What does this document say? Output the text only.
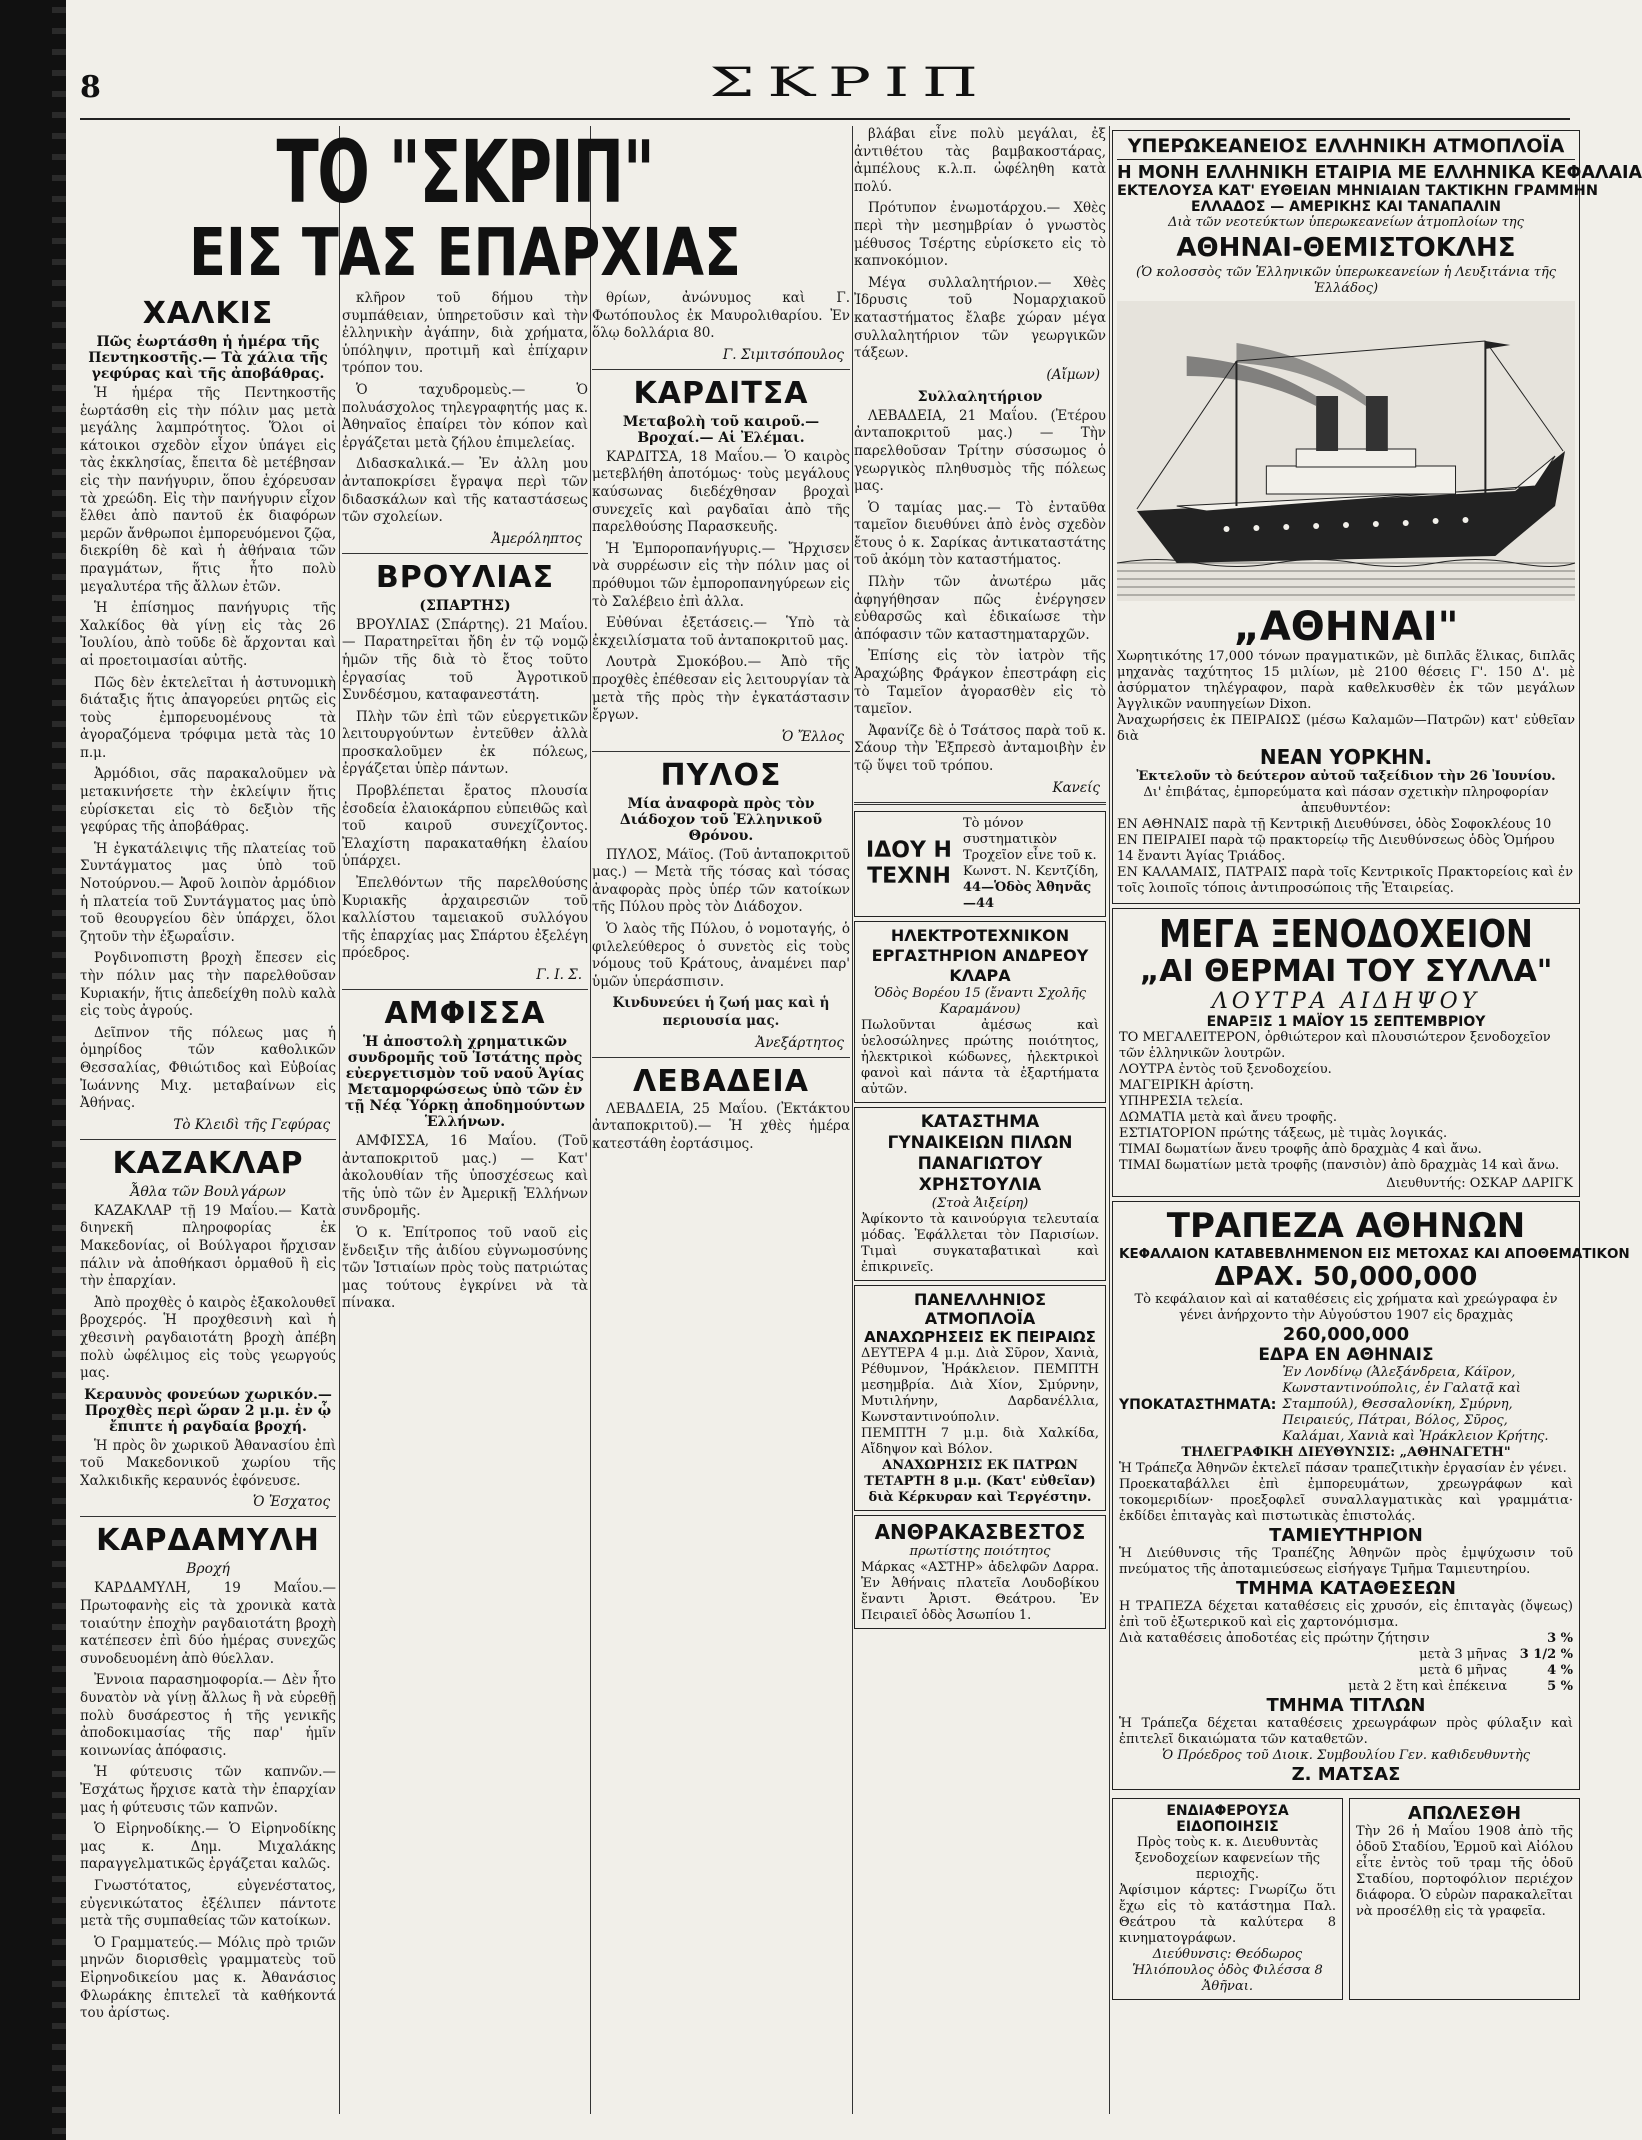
8	ΣΚΡΙΠ
ΤΟ "ΣΚΡΙΠ"
ΕΙΣ ΤΑΣ ΕΠΑΡΧΙΑΣ
ΧΑΛΚΙΣ
Πῶς ἑωρτάσθη ἡ ἡμέρα τῆς Πεντηκοστῆς.— Τὰ χάλια τῆς γεφύρας καὶ τῆς ἀποβάθρας.
Ἡ ἡμέρα τῆς Πεντηκοστῆς ἑωρτάσθη εἰς τὴν πόλιν μας μετὰ μεγάλης λαμπρότητος. Ὅλοι οἱ κάτοικοι σχεδὸν εἶχον ὑπάγει εἰς τὰς ἐκκλησίας, ἔπειτα δὲ μετέβησαν εἰς τὴν πανήγυριν, ὅπου ἐχόρευσαν τὰ χρεώδη. Εἰς τὴν πανήγυριν εἶχον ἔλθει ἀπὸ παντοῦ ἐκ διαφόρων μερῶν ἄνθρωποι ἐμπορευόμενοι ζῷα, διεκρίθη δὲ καὶ ἡ ἀθήναια τῶν πραγμάτων, ἥτις ἦτο πολὺ μεγαλυτέρα τῆς ἄλλων ἐτῶν.
Ἡ ἐπίσημος πανήγυρις τῆς Χαλκίδος θὰ γίνῃ εἰς τὰς 26 Ἰουλίου, ἀπὸ τοῦδε δὲ ἄρχονται καὶ αἱ προετοιμασίαι αὐτῆς.
Πῶς δὲν ἐκτελεῖται ἡ ἀστυνομικὴ διάταξις ἥτις ἀπαγορεύει ρητῶς εἰς τοὺς ἐμπορευομένους τὰ ἀγοραζόμενα τρόφιμα μετὰ τὰς 10 π.μ.
Ἀρμόδιοι, σᾶς παρακαλοῦμεν νὰ μετακινήσετε τὴν ἐκλείψιν ἥτις εὑρίσκεται εἰς τὸ δεξιὸν τῆς γεφύρας τῆς ἀποβάθρας.
Ἡ ἐγκατάλειψις τῆς πλατείας τοῦ Συντάγματος μας ὑπὸ τοῦ Νοτούρνου.— Ἀφοῦ λοιπὸν ἀρμόδιον ἡ πλατεία τοῦ Συντάγματος μας ὑπὸ τοῦ θεουργείου δὲν ὑπάρχει, ὅλοι ζητοῦν τὴν ἐξωραΐσιν.
Ρογδινοπιστη βροχὴ ἔπεσεν εἰς τὴν πόλιν μας τὴν παρελθοῦσαν Κυριακήν, ἥτις ἀπεδείχθη πολὺ καλὰ εἰς τοὺς ἀγρούς.
Δεῖπνον τῆς πόλεως μας ἡ ὁμηρίδος τῶν καθολικῶν Θεσσαλίας, Φθιώτιδος καὶ Εὐβοίας Ἰωάννης Μιχ. μεταβαίνων εἰς Ἀθήνας.
Τὸ Κλειδὶ τῆς Γεφύρας
ΚΑΖΑΚΛΑΡ
Ἆθλα τῶν Βουλγάρων
ΚΑΖΑΚΛΑΡ τῇ 19 Μαΐου.— Κατὰ διηνεκῆ πληροφορίας ἐκ Μακεδονίας, οἱ Βούλγαροι ἤρχισαν πάλιν νὰ ἀποθήκασι ὁρμαθοῦ ἢ εἰς τὴν ἐπαρχίαν.
Ἀπὸ προχθὲς ὁ καιρὸς ἐξακολουθεῖ βροχερός. Ἡ προχθεσινὴ καὶ ἡ χθεσινὴ ραγδαιοτάτη βροχὴ ἀπέβη πολὺ ὠφέλιμος εἰς τοὺς γεωργούς μας.
Κεραυνὸς φονεύων χωρικόν.— Προχθὲς περὶ ὥραν 2 μ.μ. ἐν ᾧ ἔπιπτε ἡ ραγδαία βροχή.
Ἡ πρὸς ὃν χωρικοῦ Ἀθανασίου ἐπὶ τοῦ Μακεδονικοῦ χωρίου τῆς Χαλκιδικῆς κεραυνός ἐφόνευσε.
Ὁ Ἐσχατος
ΚΑΡΔΑΜΥΛΗ
Βροχή
ΚΑΡΔΑΜΥΛΗ, 19 Μαΐου.— Πρωτοφανὴς εἰς τὰ χρονικὰ κατὰ τοιαύτην ἐποχὴν ραγδαιοτάτη βροχὴ κατέπεσεν ἐπὶ δύο ἡμέρας συνεχῶς συνοδευομένη ἀπὸ θύελλαν.
Ἐννοια παρασημοφορία.— Δὲν ἦτο δυνατὸν νὰ γίνῃ ἄλλως ἢ νὰ εὑρεθῇ πολὺ δυσάρεστος ἡ τῆς γενικῆς ἀποδοκιμασίας τῆς παρ' ἡμῖν κοινωνίας ἀπόφασις.
Ἡ φύτευσις τῶν καπνῶν.— Ἐσχάτως ἤρχισε κατὰ τὴν ἐπαρχίαν μας ἡ φύτευσις τῶν καπνῶν.
Ὁ Εἰρηνοδίκης.— Ὁ Εἰρηνοδίκης μας κ. Δημ. Μιχαλάκης παραγγελματικῶς ἐργάζεται καλῶς.
Γνωστότατος, εὐγενέστατος, εὐγενικώτατος ἐξέλιπεν πάντοτε μετὰ τῆς συμπαθείας τῶν κατοίκων.
Ὁ Γραμματεύς.— Μόλις πρὸ τριῶν μηνῶν διορισθεὶς γραμματεὺς τοῦ Εἰρηνοδικείου μας κ. Ἀθανάσιος Φλωράκης ἐπιτελεῖ τὰ καθήκοντά του ἀρίστως.
κλῆρον τοῦ δήμου τὴν συμπάθειαν, ὑπηρετοῦσιν καὶ τὴν ἐλληνικὴν ἀγάπην, διὰ χρήματα, ὑπόληψιν, προτιμῆ καὶ ἐπίχαριν τρόπον του.
Ὁ ταχυδρομεὺς.— Ὁ πολυάσχολος τηλεγραφητής μας κ. Ἀθηναῖος ἐπαίρει τὸν κόπον καὶ ἐργάζεται μετὰ ζήλου ἐπιμελείας.
Διδασκαλικά.— Ἐν ἀλλη μου ἀνταποκρίσει ἔγραψα περὶ τῶν διδασκάλων καὶ τῆς καταστάσεως τῶν σχολείων.
Ἀμερόληπτος
ΒΡΟΥΛΙΑΣ
(ΣΠΑΡΤΗΣ)
ΒΡΟΥΛΙΑΣ (Σπάρτης). 21 Μαΐου.— Παρατηρεῖται ἤδη ἐν τῷ νομῷ ἡμῶν τῆς διὰ τὸ ἔτος τοῦτο ἐργασίας τοῦ Ἀγροτικοῦ Συνδέσμου, καταφανεστάτη.
Πλὴν τῶν ἐπὶ τῶν εὐεργετικῶν λειτουργούντων ἐντεῦθεν ἀλλὰ προσκαλοῦμεν ἐκ πόλεως, ἐργάζεται ὑπὲρ πάντων.
Προβλέπεται ἔρατος πλουσία ἐσοδεία ἐλαιοκάρπου εὐπειθῶς καὶ τοῦ καιροῦ συνεχίζοντος. Ἐλαχίστη παρακαταθήκη ἐλαίου ὑπάρχει.
Ἐπελθόντων τῆς παρελθούσης Κυριακῆς ἀρχαιρεσιῶν τοῦ καλλίστου ταμειακοῦ συλλόγου τῆς ἐπαρχίας μας Σπάρτου ἐξελέγη πρόεδρος.
Γ. Ι. Σ.
ΑΜΦΙΣΣΑ
Ἡ ἀποστολὴ χρηματικῶν συνδρομῆς τοῦ Ἱστάτης πρὸς εὐεργετισμὸν τοῦ ναοῦ Ἁγίας Μεταμορφώσεως ὑπὸ τῶν ἐν τῇ Νέᾳ Ὑόρκῃ ἀποδημούντων Ἑλλήνων.
ΑΜΦΙΣΣΑ, 16 Μαΐου. (Τοῦ ἀνταποκριτοῦ μας.) — Κατ' ἀκολουθίαν τῆς ὑποσχέσεως καὶ τῆς ὑπὸ τῶν ἐν Ἀμερικῇ Ἑλλήνων συνδρομῆς.
Ὁ κ. Ἐπίτροπος τοῦ ναοῦ εἰς ἔνδειξιν τῆς ἀιδίου εὐγνωμοσύνης τῶν Ἱστιαίων πρὸς τοὺς πατριώτας μας τούτους ἐγκρίνει νὰ τὰ πίνακα.
θρίων, ἀνώνυμος καὶ Γ. Φωτόπουλος ἐκ Μαυρολιθαρίου. Ἐν ὅλῳ δολλάρια 80.
Γ. Σιμιτσόπουλος
ΚΑΡΔΙΤΣΑ
Μεταβολὴ τοῦ καιροῦ.— Βροχαί.— Αἱ Ἐλέμαι.
ΚΑΡΔΙΤΣΑ, 18 Μαΐου.— Ὁ καιρὸς μετεβλήθη ἀποτόμως· τοὺς μεγάλους καύσωνας διεδέχθησαν βροχαὶ συνεχεῖς καὶ ραγδαῖαι ἀπὸ τῆς παρελθούσης Παρασκευῆς.
Ἡ Ἐμποροπανήγυρις.— Ἤρχισεν νὰ συρρέωσιν εἰς τὴν πόλιν μας οἱ πρόθυμοι τῶν ἐμποροπανηγύρεων εἰς τὸ Σαλέβειο ἐπὶ ἀλλα.
Εὐθύναι ἐξετάσεις.— Ὑπὸ τὰ ἐκχειλίσματα τοῦ ἀνταποκριτοῦ μας.
Λουτρὰ Σμοκόβου.— Ἀπὸ τῆς προχθὲς ἐπέθεσαν εἰς λειτουργίαν τὰ μετὰ τῆς πρὸς τὴν ἐγκατάστασιν ἔργων.
Ὁ Ἔλλος
ΠΥΛΟΣ
Μία ἀναφορὰ πρὸς τὸν Διάδοχον τοῦ Ἑλληνικοῦ Θρόνου.
ΠΥΛΟΣ, Μάϊος. (Τοῦ ἀνταποκριτοῦ μας.) — Μετὰ τῆς τόσας καὶ τόσας ἀναφορὰς πρὸς ὑπέρ τῶν κατοίκων τῆς Πύλου πρὸς τὸν Διάδοχον.
Ὁ λαὸς τῆς Πύλου, ὁ νομοταγής, ὁ φιλελεύθερος ὁ συνετὸς εἰς τοὺς νόμους τοῦ Κράτους, ἀναμένει παρ' ὑμῶν ὑπεράσπισιν.
Κινδυνεύει ἡ ζωή μας καὶ ἡ περιουσία μας.
Ἀνεξάρτητος
ΛΕΒΑΔΕΙΑ
ΛΕΒΑΔΕΙΑ, 25 Μαΐου. (Ἐκτάκτου ἀνταποκριτοῦ).— Ἡ χθὲς ἡμέρα κατεστάθη ἐορτάσιμος.
βλάβαι εἶνε πολὺ μεγάλαι, ἐξ ἀντιθέτου τὰς βαμβακοστάρας, ἀμπέλους κ.λ.π. ὠφέληθη κατὰ πολύ.
Πρότυπον ἐνωμοτάρχου.— Χθὲς περὶ τὴν μεσημβρίαν ὁ γνωστὸς μέθυσος Τσέρτης εὑρίσκετο εἰς τὸ καπνοκόμιον.
Μέγα συλλαλητήριον.— Χθὲς Ἰδρυσις τοῦ Νομαρχιακοῦ καταστήματος ἔλαβε χώραν μέγα συλλαλητήριον τῶν γεωργικῶν τάξεων.
(Αἴμων)
Συλλαλητήριον
ΛΕΒΑΔΕΙΑ, 21 Μαΐου. (Ἐτέρου ἀνταποκριτοῦ μας.) — Τὴν παρελθοῦσαν Τρίτην σύσσωμος ὁ γεωργικὸς πληθυσμὸς τῆς πόλεως μας.
Ὁ ταμίας μας.— Τὸ ἐνταῦθα ταμεῖον διευθύνει ἀπὸ ἑνὸς σχεδὸν ἔτους ὁ κ. Σαρίκας ἀντικαταστάτης τοῦ ἀκόμη τὸν καταστήματος.
Πλὴν τῶν ἀνωτέρω μᾶς ἀφηγήθησαν πῶς ἐνέργησεν εὐθαρσῶς καὶ ἐδικαίωσε τὴν ἀπόφασιν τῶν καταστηματαρχῶν.
Ἐπίσης εἰς τὸν ἰατρὸν τῆς Ἀραχώβης Φράγκον ἐπεστράφη εἰς τὸ Ταμεῖον ἀγορασθὲν εἰς τὸ ταμεῖον.
Ἀφανίζε δὲ ὁ Τσάτσος παρὰ τοῦ κ. Σάουρ τὴν Ἐξπρεσὸ ἀνταμοιβὴν ἐν τῷ ὕψει τοῦ τρόπου.
Κανείς
ΙΔΟΥ Η ΤΕΧΝΗ
Τὸ μόνον συστηματικὸν Τροχεῖον εἶνε τοῦ κ. Κωνστ. Ν. Κεντζίδη,
44—Ὁδὸς Ἀθηνᾶς—44
ΗΛΕΚΤΡΟΤΕΧΝΙΚΟΝ ΕΡΓΑΣΤΗΡΙΟΝ ΑΝΔΡΕΟΥ ΚΛΑΡΑ
Ὁδὸς Βορέου 15 (ἔναντι Σχολῆς Καραμάνου)
Πωλοῦνται ἀμέσως καὶ ὑελοσώληνες πρώτης ποιότητος, ἠλεκτρικοὶ κώδωνες, ἠλεκτρικοὶ φανοὶ καὶ πάντα τὰ ἐξαρτήματα αὐτῶν.
ΚΑΤΑΣΤΗΜΑ ΓΥΝΑΙΚΕΙΩΝ ΠΙΛΩΝ ΠΑΝΑΓΙΩΤΟΥ ΧΡΗΣΤΟΥΛΙΑ
(Στοὰ Ἀιξείρη)
Ἀφίκοντο τὰ καινούργια τελευταία μόδας. Ἐφάλλεται τὸν Παρισίων. Τιμαὶ συγκαταβατικαὶ καὶ ἐπικρινεῖς.
ΠΑΝΕΛΛΗΝΙΟΣ ΑΤΜΟΠΛΟΪΑ
ΑΝΑΧΩΡΗΣΕΙΣ ΕΚ ΠΕΙΡΑΙΩΣ
ΔΕΥΤΕΡΑ 4 μ.μ. Διὰ Σῦρον, Χανιὰ, Ρέθυμνον, Ἡράκλειον. ΠΕΜΠΤΗ μεσημβρία. Διὰ Χίον, Σμύρνην, Μυτιλήνην, Δαρδανέλλια, Κωνσταντινούπολιν.
ΠΕΜΠΤΗ 7 μ.μ. διὰ Χαλκίδα, Αἴδηψον καὶ Βόλον.
ΑΝΑΧΩΡΗΣΙΣ ΕΚ ΠΑΤΡΩΝ ΤΕΤΑΡΤΗ 8 μ.μ. (Κατ' εὐθεῖαν) διὰ Κέρκυραν καὶ Τεργέστην.
ΑΝΘΡΑΚΑΣΒΕΣΤΟΣ
πρωτίστης ποιότητος
Μάρκας «ΑΣΤΗΡ» ἀδελφῶν Δαρρα. Ἐν Ἀθήναις πλατεῖα Λουδοβίκου ἔναντι Ἀριστ. Θεάτρου. Ἐν Πειραιεῖ ὁδὸς Ἀσωπίου 1.
ΥΠΕΡΩΚΕΑΝΕΙΟΣ ΕΛΛΗΝΙΚΗ ΑΤΜΟΠΛΟΪΑ
Η ΜΟΝΗ ΕΛΛΗΝΙΚΗ ΕΤΑΙΡΙΑ ΜΕ ΕΛΛΗΝΙΚΑ ΚΕΦΑΛΑΙΑ
ΕΚΤΕΛΟΥΣΑ ΚΑΤ' ΕΥΘΕΙΑΝ ΜΗΝΙΑΙΑΝ ΤΑΚΤΙΚΗΝ ΓΡΑΜΜΗΝ
ΕΛΛΑΔΟΣ — ΑΜΕΡΙΚΗΣ ΚΑΙ ΤΑΝΑΠΑΛΙΝ
Διὰ τῶν νεοτεύκτων ὑπερωκεανείων ἀτμοπλοίων της
ΑΘΗΝΑΙ-ΘΕΜΙΣΤΟΚΛΗΣ
(Ὁ κολοσσὸς τῶν Ἑλληνικῶν ὑπερωκεανείων ἡ Λευξιτάνια τῆς Ἑλλάδος)
„ΑΘΗΝΑΙ"
Χωρητικότης 17,000 τόνων πραγματικῶν, μὲ διπλᾶς ἕλικας, διπλᾶς μηχανὰς ταχύτητος 15 μιλίων, μὲ 2100 θέσεις Γ'. 150 Δ'. μὲ ἀσύρματον τηλέγραφον, παρὰ καθελκυσθὲν ἐκ τῶν μεγάλων Ἀγγλικῶν ναυπηγείων Dixon.
Ἀναχωρήσεις ἐκ ΠΕΙΡΑΙΩΣ (μέσω Καλαμῶν—Πατρῶν) κατ' εὐθεῖαν διὰ
ΝΕΑΝ ΥΟΡΚΗΝ.
Ἐκτελοῦν τὸ δεύτερον αὐτοῦ ταξείδιον τὴν 26 Ἰουνίου.
Δι' ἐπιβάτας, ἐμπορεύματα καὶ πάσαν σχετικὴν πληροφορίαν ἀπευθυντέον:
ΕΝ ΑΘΗΝΑΙΣ παρὰ τῇ Κεντρικῇ Διευθύνσει, ὁδὸς Σοφοκλέους 10
ΕΝ ΠΕΙΡΑΙΕΙ παρὰ τῷ πρακτορείῳ τῆς Διευθύνσεως ὁδὸς Ὁμήρου 14 ἔναντι Ἁγίας Τριάδος.
ΕΝ ΚΑΛΑΜΑΙΣ, ΠΑΤΡΑΙΣ παρὰ τοῖς Κεντρικοῖς Πρακτορείοις καὶ ἐν τοῖς λοιποῖς τόποις ἀντιπροσώποις τῆς Ἑταιρείας.
ΜΕΓΑ ΞΕΝΟΔΟΧΕΙΟΝ
„ΑΙ ΘΕΡΜΑΙ ΤΟΥ ΣΥΛΛΑ"
ΛΟΥΤΡΑ ΑΙΔΗΨΟΥ
ΕΝΑΡΞΙΣ 1 ΜΑΪΟΥ 15 ΣΕΠΤΕΜΒΡΙΟΥ
ΤΟ ΜΕΓΑΛΕΙΤΕΡΟΝ, ὀρθιώτερον καὶ πλουσιώτερον ξενοδοχεῖον τῶν ἑλληνικῶν λουτρῶν.
ΛΟΥΤΡΑ ἐντὸς τοῦ ξενοδοχείου.
ΜΑΓΕΙΡΙΚΗ ἀρίστη.
ΥΠΗΡΕΣΙΑ τελεία.
ΔΩΜΑΤΙΑ μετὰ καὶ ἄνευ τροφῆς.
ΕΣΤΙΑΤΟΡΙΟΝ πρώτης τάξεως, μὲ τιμὰς λογικάς.
ΤΙΜΑΙ δωματίων ἄνευ τροφῆς ἀπὸ δραχμὰς 4 καὶ ἄνω.
ΤΙΜΑΙ δωματίων μετὰ τροφῆς (πανσιὸν) ἀπὸ δραχμὰς 14 καὶ ἄνω.
Διευθυντής: ΟΣΚΑΡ ΔΑΡΙΓΚ
ΤΡΑΠΕΖΑ ΑΘΗΝΩΝ
ΚΕΦΑΛΑΙΟΝ ΚΑΤΑΒΕΒΛΗΜΕΝΟΝ ΕΙΣ ΜΕΤΟΧΑΣ ΚΑΙ ΑΠΟΘΕΜΑΤΙΚΟΝ
ΔΡΑΧ. 50,000,000
Τὸ κεφάλαιον καὶ αἱ καταθέσεις εἰς χρήματα καὶ χρεώγραφα ἐν γένει ἀνήρχοντο τὴν Αὐγούστου 1907 εἰς δραχμὰς
260,000,000
ΕΔΡΑ ΕΝ ΑΘΗΝΑΙΣ
ΥΠΟΚΑΤΑΣΤΗΜΑΤΑ:
Ἐν Λονδίνῳ (Ἀλεξάνδρεια, Κάϊρον, Κωνσταντινούπολις, ἐν Γαλατᾷ καὶ Σταμπούλ), Θεσσαλονίκη, Σμύρνη, Πειραιεύς, Πάτραι, Βόλος, Σῦρος, Καλάμαι, Χανιὰ καὶ Ἡράκλειον Κρήτης.
ΤΗΛΕΓΡΑΦΙΚΗ ΔΙΕΥΘΥΝΣΙΣ: „ΑΘΗΝΑΓΕΤΗ"
Ἡ Τράπεζα Ἀθηνῶν ἐκτελεῖ πάσαν τραπεζιτικὴν ἐργασίαν ἐν γένει.
Προεκαταβάλλει ἐπὶ ἐμπορευμάτων, χρεωγράφων καὶ τοκομεριδίων· προεξοφλεῖ συναλλαγματικὰς καὶ γραμμάτια· ἐκδίδει ἐπιταγὰς καὶ πιστωτικὰς ἐπιστολάς.
ΤΑΜΙΕΥΤΗΡΙΟΝ
Ἡ Διεύθυνσις τῆς Τραπέζης Ἀθηνῶν πρὸς ἐμψύχωσιν τοῦ πνεύματος τῆς ἀποταμιεύσεως εἰσήγαγε Τμῆμα Ταμιευτηρίου.
ΤΜΗΜΑ ΚΑΤΑΘΕΣΕΩΝ
Η ΤΡΑΠΕΖΑ δέχεται καταθέσεις εἰς χρυσόν, εἰς ἐπιταγὰς (ὄψεως) ἐπὶ τοῦ ἐξωτερικοῦ καὶ εἰς χαρτονόμισμα.
Διὰ καταθέσεις ἀποδοτέας εἰς πρώτην ζήτησιν	3 %
μετὰ 3 μῆνας 3 1/2 %
μετὰ 6 μῆνας	4 %
μετὰ 2 ἔτη καὶ ἐπέκεινα	5 %
ΤΜΗΜΑ ΤΙΤΛΩΝ
Ἡ Τράπεζα δέχεται καταθέσεις χρεωγράφων πρὸς φύλαξιν καὶ ἐπιτελεῖ δικαιώματα τῶν καταθετῶν.
Ὁ Πρόεδρος τοῦ Διοικ. Συμβουλίου Γεν. καθιδευθυντὴς
Ζ. ΜΑΤΣΑΣ
ΕΝΔΙΑΦΕΡΟΥΣΑ ΕΙΔΟΠΟΙΗΣΙΣ
Πρὸς τοὺς κ. κ. Διευθυντὰς ξενοδοχείων καφενείων τῆς περιοχῆς.
Ἀφίσιμον κάρτες: Γνωρίζω ὅτι ἔχω εἰς τὸ κατάστημα Παλ. Θεάτρου τὰ καλύτερα 8 κινηματογράφων.
Διεύθυνσις: Θεόδωρος Ἡλιόπουλος ὁδὸς Φιλέσσα 8 Ἀθῆναι.
ΑΠΩΛΕΣΘΗ
Τὴν 26 ἡ Μαΐου 1908 ἀπὸ τῆς ὁδοῦ Σταδίου, Ἑρμοῦ καὶ Αἰόλου εἶτε ἐντὸς τοῦ τραμ τῆς ὁδοῦ Σταδίου, πορτοφόλιον περιέχον διάφορα. Ὁ εὑρὼν παρακαλεῖται νὰ προσέλθῃ εἰς τὰ γραφεῖα.
